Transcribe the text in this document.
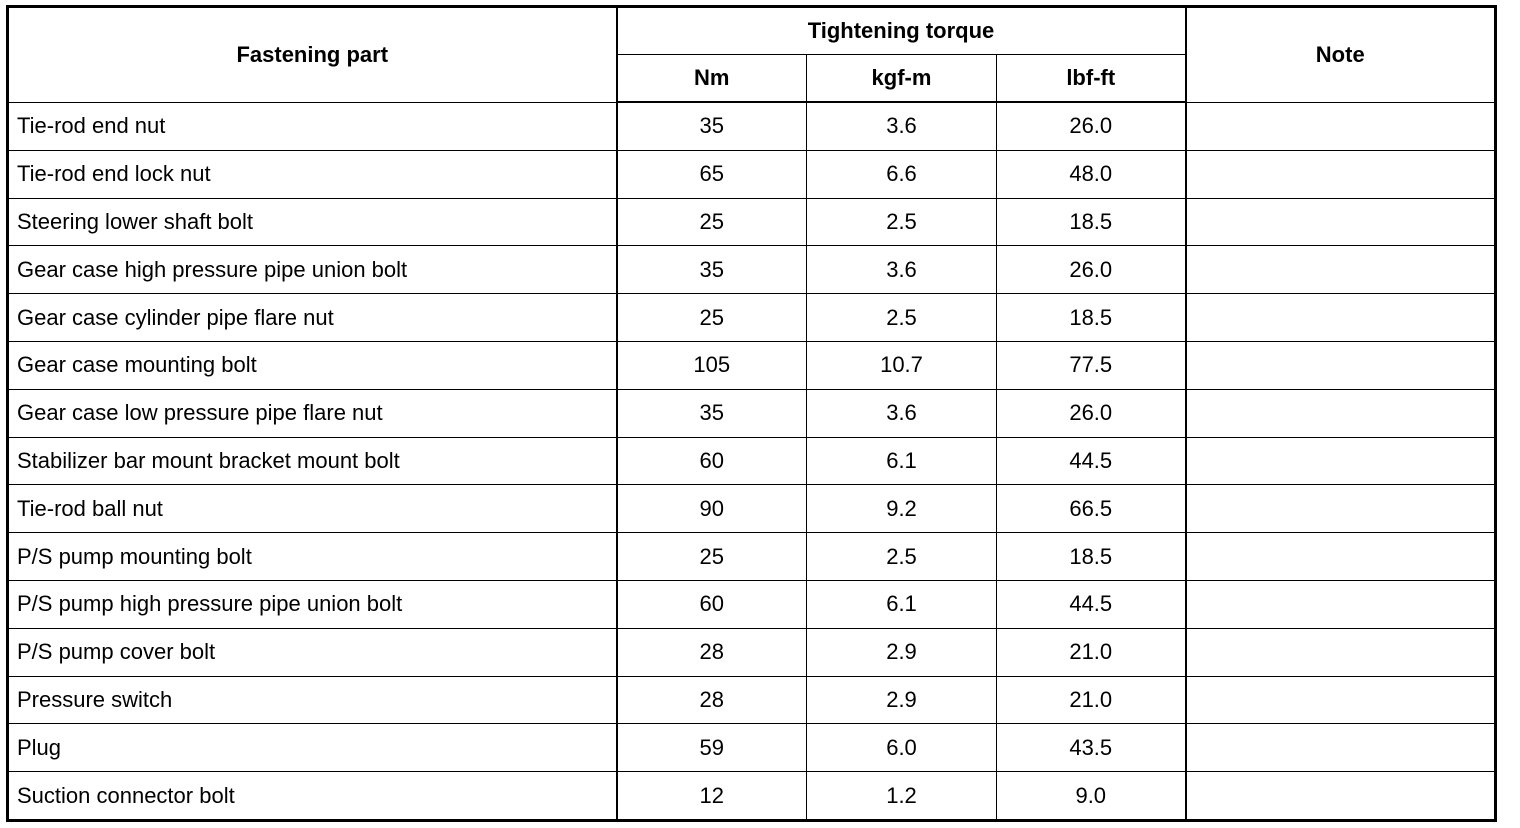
Fastening part	Tightening torque			Note
	Nm	kgf-m	lbf-ft	
Tie-rod end nut	35	3.6	26.0	
Tie-rod end lock nut	65	6.6	48.0	
Steering lower shaft bolt	25	2.5	18.5	
Gear case high pressure pipe union bolt	35	3.6	26.0	
Gear case cylinder pipe flare nut	25	2.5	18.5	
Gear case mounting bolt	105	10.7	77.5	
Gear case low pressure pipe flare nut	35	3.6	26.0	
Stabilizer bar mount bracket mount bolt	60	6.1	44.5	
Tie-rod ball nut	90	9.2	66.5	
P/S pump mounting bolt	25	2.5	18.5	
P/S pump high pressure pipe union bolt	60	6.1	44.5	
P/S pump cover bolt	28	2.9	21.0	
Pressure switch	28	2.9	21.0	
Plug	59	6.0	43.5	
Suction connector bolt	12	1.2	9.0	
